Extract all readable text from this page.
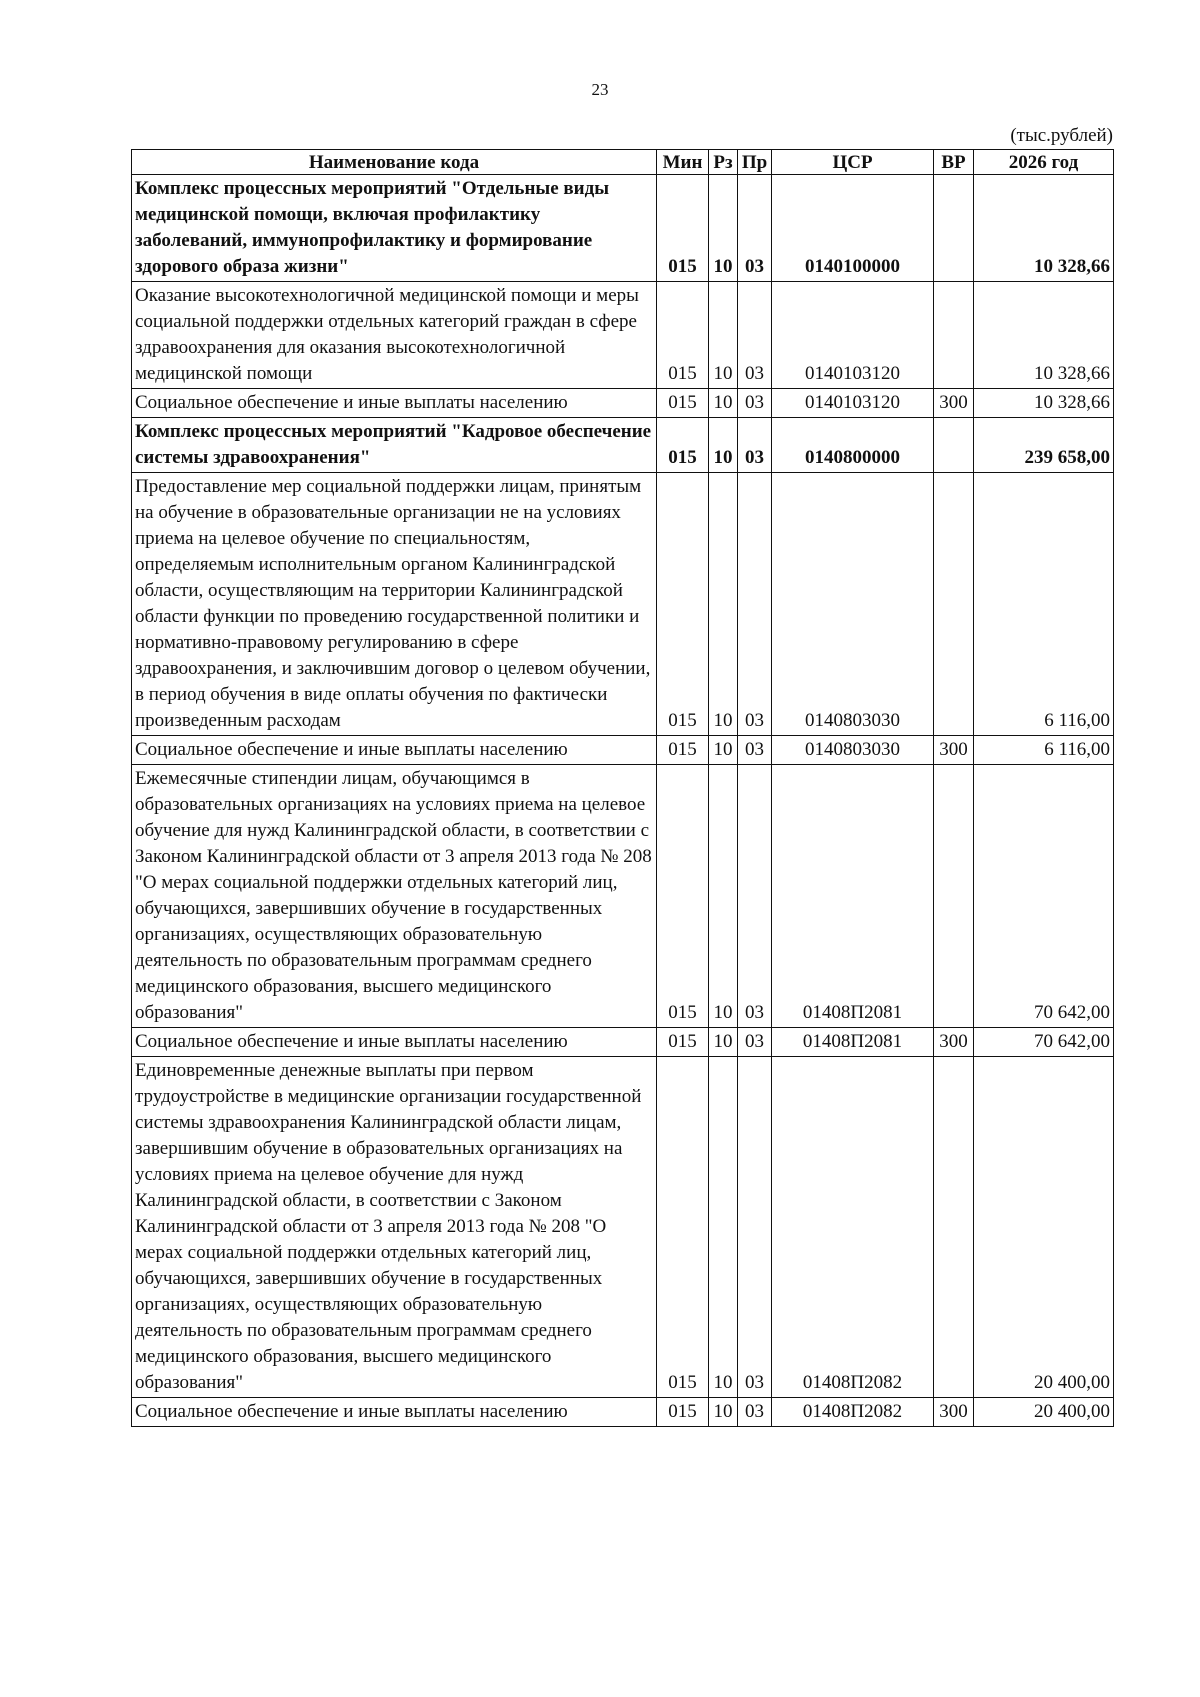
23
(тыс.рублей)
Наименование кода	Мин	Рз	Пр	ЦСР	ВР	2026 год
Комплекс процессных мероприятий "Отдельные виды медицинской помощи, включая профилактику заболеваний, иммунопрофилактику и формирование здорового образа жизни"	015	10	03	0140100000		10 328,66
Оказание высокотехнологичной медицинской помощи и меры социальной поддержки отдельных категорий граждан в сфере здравоохранения для оказания высокотехнологичной медицинской помощи	015	10	03	0140103120		10 328,66
Социальное обеспечение и иные выплаты населению	015	10	03	0140103120	300	10 328,66
Комплекс процессных мероприятий "Кадровое обеспечение системы здравоохранения"	015	10	03	0140800000		239 658,00
Предоставление мер социальной поддержки лицам, принятым на обучение в образовательные организации не на условиях приема на целевое обучение по специальностям, определяемым исполнительным органом Калининградской области, осуществляющим на территории Калининградской области функции по проведению государственной политики и нормативно-правовому регулированию в сфере здравоохранения, и заключившим договор о целевом обучении, в период обучения в виде оплаты обучения по фактически произведенным расходам	015	10	03	0140803030		6 116,00
Социальное обеспечение и иные выплаты населению	015	10	03	0140803030	300	6 116,00
Ежемесячные стипендии лицам, обучающимся в образовательных организациях на условиях приема на целевое обучение для нужд Калининградской области, в соответствии с Законом Калининградской области от 3 апреля 2013 года № 208 "О мерах социальной поддержки отдельных категорий лиц, обучающихся, завершивших обучение в государственных организациях, осуществляющих образовательную деятельность по образовательным программам среднего медицинского образования, высшего медицинского образования"	015	10	03	01408П2081		70 642,00
Социальное обеспечение и иные выплаты населению	015	10	03	01408П2081	300	70 642,00
Единовременные денежные выплаты при первом трудоустройстве в медицинские организации государственной системы здравоохранения Калининградской области лицам, завершившим обучение в образовательных организациях на условиях приема на целевое обучение для нужд Калининградской области, в соответствии с Законом Калининградской области от 3 апреля 2013 года № 208 "О мерах социальной поддержки отдельных категорий лиц, обучающихся, завершивших обучение в государственных организациях, осуществляющих образовательную деятельность по образовательным программам среднего медицинского образования, высшего медицинского образования"	015	10	03	01408П2082		20 400,00
Социальное обеспечение и иные выплаты населению	015	10	03	01408П2082	300	20 400,00
